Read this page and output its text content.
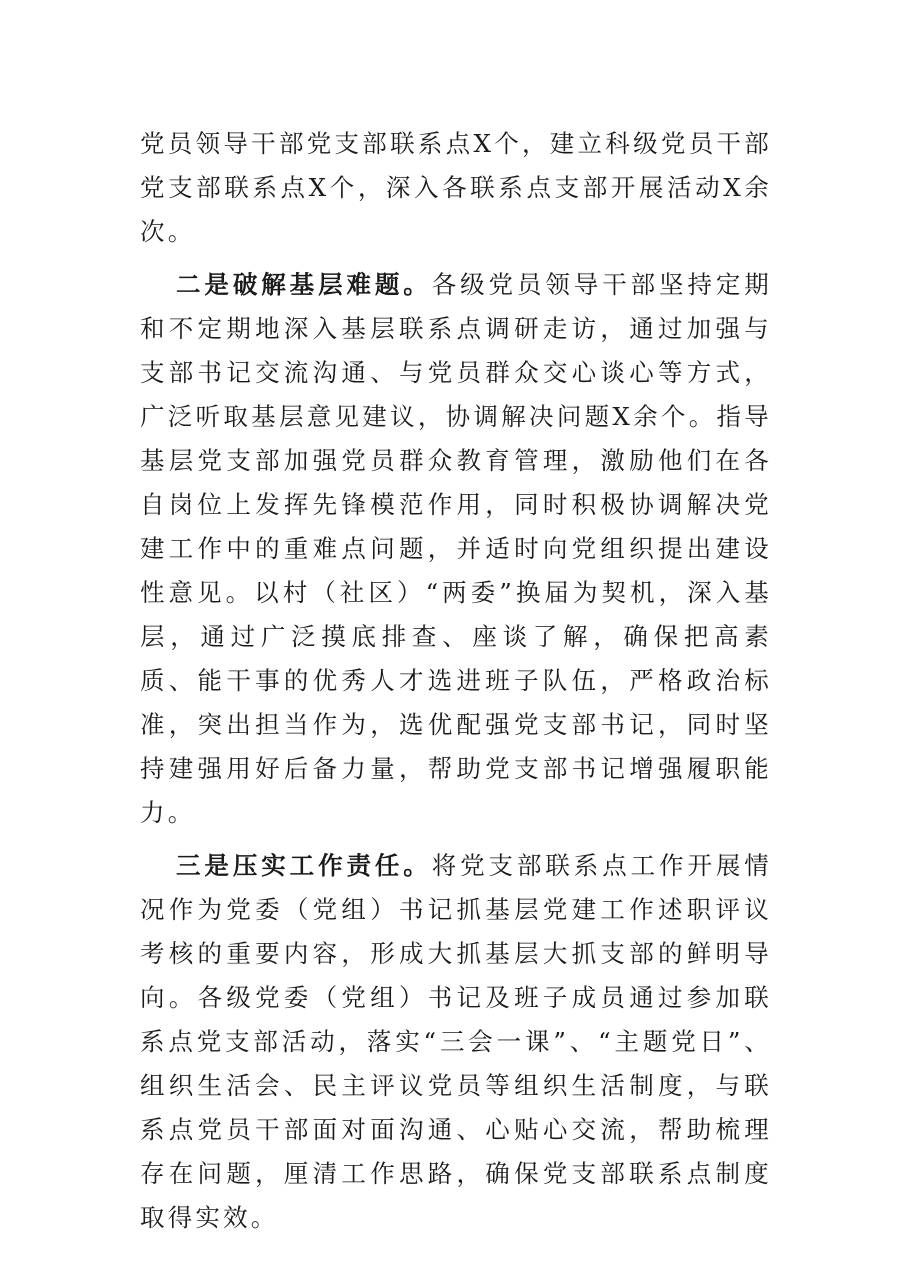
党员领导干部党支部联系点X个，建立科级党员干部党支部联系点X个，深入各联系点支部开展活动X余次。

二是破解基层难题。各级党员领导干部坚持定期和不定期地深入基层联系点调研走访，通过加强与支部书记交流沟通、与党员群众交心谈心等方式，广泛听取基层意见建议，协调解决问题X余个。指导基层党支部加强党员群众教育管理，激励他们在各自岗位上发挥先锋模范作用，同时积极协调解决党建工作中的重难点问题，并适时向党组织提出建设性意见。以村（社区）“两委”换届为契机，深入基层，通过广泛摸底排查、座谈了解，确保把高素质、能干事的优秀人才选进班子队伍，严格政治标准，突出担当作为，选优配强党支部书记，同时坚持建强用好后备力量，帮助党支部书记增强履职能力。

三是压实工作责任。将党支部联系点工作开展情况作为党委（党组）书记抓基层党建工作述职评议考核的重要内容，形成大抓基层大抓支部的鲜明导向。各级党委（党组）书记及班子成员通过参加联系点党支部活动，落实“三会一课”、“主题党日”、组织生活会、民主评议党员等组织生活制度，与联系点党员干部面对面沟通、心贴心交流，帮助梳理存在问题，厘清工作思路，确保党支部联系点制度取得实效。
